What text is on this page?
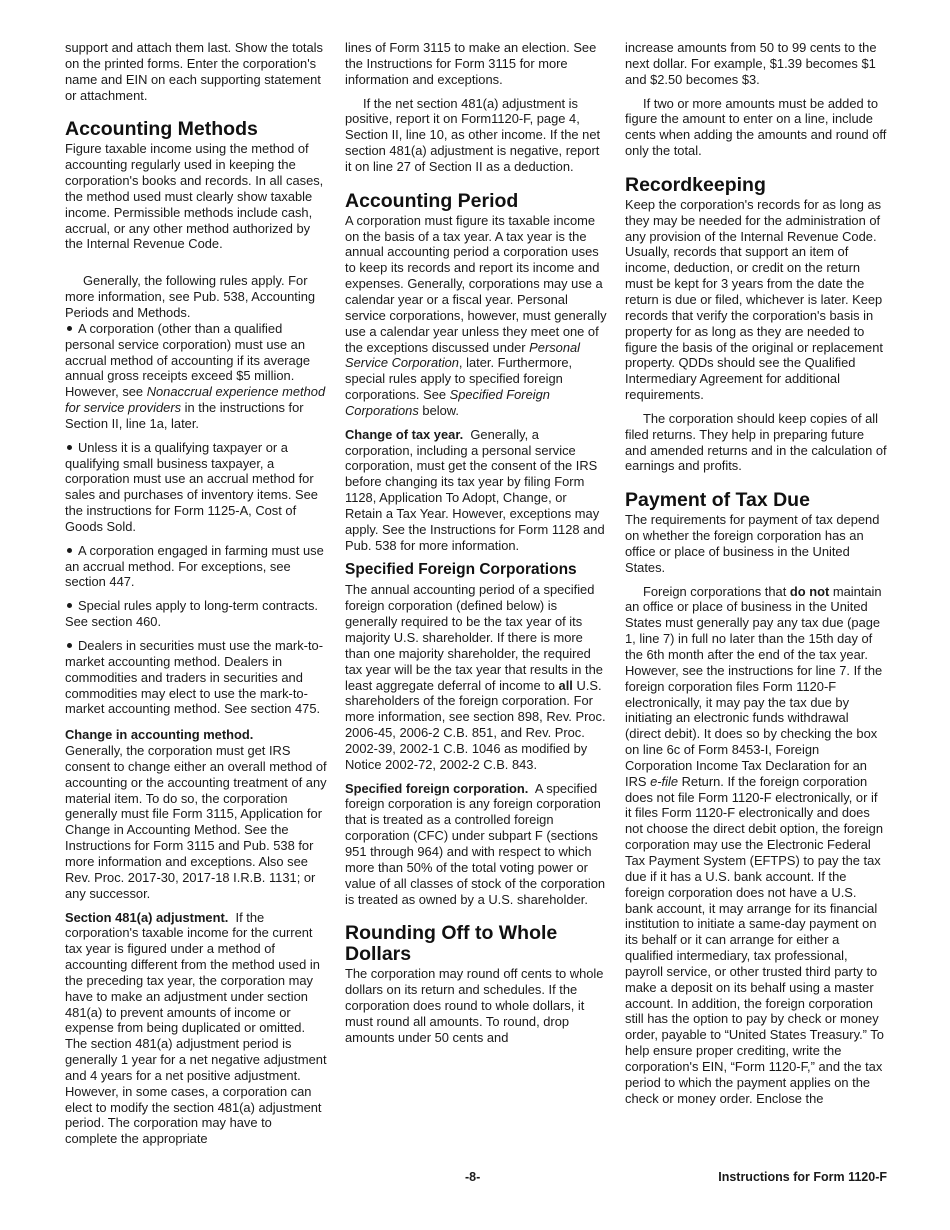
support and attach them last. Show the totals on the printed forms. Enter the corporation's name and EIN on each supporting statement or attachment.

Accounting Methods

Figure taxable income using the method of accounting regularly used in keeping the corporation's books and records. In all cases, the method used must clearly show taxable income. Permissible methods include cash, accrual, or any other method authorized by the Internal Revenue Code.

Generally, the following rules apply. For more information, see Pub. 538, Accounting Periods and Methods.

A corporation (other than a qualified personal service corporation) must use an accrual method of accounting if its average annual gross receipts exceed $5 million. However, see Nonaccrual experience method for service providers in the instructions for Section II, line 1a, later.

Unless it is a qualifying taxpayer or a qualifying small business taxpayer, a corporation must use an accrual method for sales and purchases of inventory items. See the instructions for Form 1125-A, Cost of Goods Sold.

A corporation engaged in farming must use an accrual method. For exceptions, see section 447.

Special rules apply to long-term contracts. See section 460.

Dealers in securities must use the mark-to-market accounting method. Dealers in commodities and traders in securities and commodities may elect to use the mark-to-market accounting method. See section 475.

Change in accounting method.
Generally, the corporation must get IRS consent to change either an overall method of accounting or the accounting treatment of any material item. To do so, the corporation generally must file Form 3115, Application for Change in Accounting Method. See the Instructions for Form 3115 and Pub. 538 for more information and exceptions. Also see Rev. Proc. 2017-30, 2017-18 I.R.B. 1131; or any successor.

Section 481(a) adjustment. If the corporation's taxable income for the current tax year is figured under a method of accounting different from the method used in the preceding tax year, the corporation may have to make an adjustment under section 481(a) to prevent amounts of income or expense from being duplicated or omitted. The section 481(a) adjustment period is generally 1 year for a net negative adjustment and 4 years for a net positive adjustment. However, in some cases, a corporation can elect to modify the section 481(a) adjustment period. The corporation may have to complete the appropriate

lines of Form 3115 to make an election. See the Instructions for Form 3115 for more information and exceptions.

If the net section 481(a) adjustment is positive, report it on Form1120-F, page 4, Section II, line 10, as other income. If the net section 481(a) adjustment is negative, report it on line 27 of Section II as a deduction.

Accounting Period

A corporation must figure its taxable income on the basis of a tax year. A tax year is the annual accounting period a corporation uses to keep its records and report its income and expenses. Generally, corporations may use a calendar year or a fiscal year. Personal service corporations, however, must generally use a calendar year unless they meet one of the exceptions discussed under Personal Service Corporation, later. Furthermore, special rules apply to specified foreign corporations. See Specified Foreign Corporations below.

Change of tax year. Generally, a corporation, including a personal service corporation, must get the consent of the IRS before changing its tax year by filing Form 1128, Application To Adopt, Change, or Retain a Tax Year. However, exceptions may apply. See the Instructions for Form 1128 and Pub. 538 for more information.

Specified Foreign Corporations

The annual accounting period of a specified foreign corporation (defined below) is generally required to be the tax year of its majority U.S. shareholder. If there is more than one majority shareholder, the required tax year will be the tax year that results in the least aggregate deferral of income to all U.S. shareholders of the foreign corporation. For more information, see section 898, Rev. Proc. 2006-45, 2006-2 C.B. 851, and Rev. Proc. 2002-39, 2002-1 C.B. 1046 as modified by Notice 2002-72, 2002-2 C.B. 843.

Specified foreign corporation. A specified foreign corporation is any foreign corporation that is treated as a controlled foreign corporation (CFC) under subpart F (sections 951 through 964) and with respect to which more than 50% of the total voting power or value of all classes of stock of the corporation is treated as owned by a U.S. shareholder.

Rounding Off to Whole Dollars

The corporation may round off cents to whole dollars on its return and schedules. If the corporation does round to whole dollars, it must round all amounts. To round, drop amounts under 50 cents and

increase amounts from 50 to 99 cents to the next dollar. For example, $1.39 becomes $1 and $2.50 becomes $3.

If two or more amounts must be added to figure the amount to enter on a line, include cents when adding the amounts and round off only the total.

Recordkeeping

Keep the corporation's records for as long as they may be needed for the administration of any provision of the Internal Revenue Code. Usually, records that support an item of income, deduction, or credit on the return must be kept for 3 years from the date the return is due or filed, whichever is later. Keep records that verify the corporation's basis in property for as long as they are needed to figure the basis of the original or replacement property. QDDs should see the Qualified Intermediary Agreement for additional requirements.

The corporation should keep copies of all filed returns. They help in preparing future and amended returns and in the calculation of earnings and profits.

Payment of Tax Due

The requirements for payment of tax depend on whether the foreign corporation has an office or place of business in the United States.

Foreign corporations that do not maintain an office or place of business in the United States must generally pay any tax due (page 1, line 7) in full no later than the 15th day of the 6th month after the end of the tax year. However, see the instructions for line 7. If the foreign corporation files Form 1120-F electronically, it may pay the tax due by initiating an electronic funds withdrawal (direct debit). It does so by checking the box on line 6c of Form 8453-I, Foreign Corporation Income Tax Declaration for an IRS e-file Return. If the foreign corporation does not file Form 1120-F electronically, or if it files Form 1120-F electronically and does not choose the direct debit option, the foreign corporation may use the Electronic Federal Tax Payment System (EFTPS) to pay the tax due if it has a U.S. bank account. If the foreign corporation does not have a U.S. bank account, it may arrange for its financial institution to initiate a same-day payment on its behalf or it can arrange for either a qualified intermediary, tax professional, payroll service, or other trusted third party to make a deposit on its behalf using a master account. In addition, the foreign corporation still has the option to pay by check or money order, payable to “United States Treasury.” To help ensure proper crediting, write the corporation's EIN, “Form 1120-F,” and the tax period to which the payment applies on the check or money order. Enclose the

-8-	Instructions for Form 1120-F
